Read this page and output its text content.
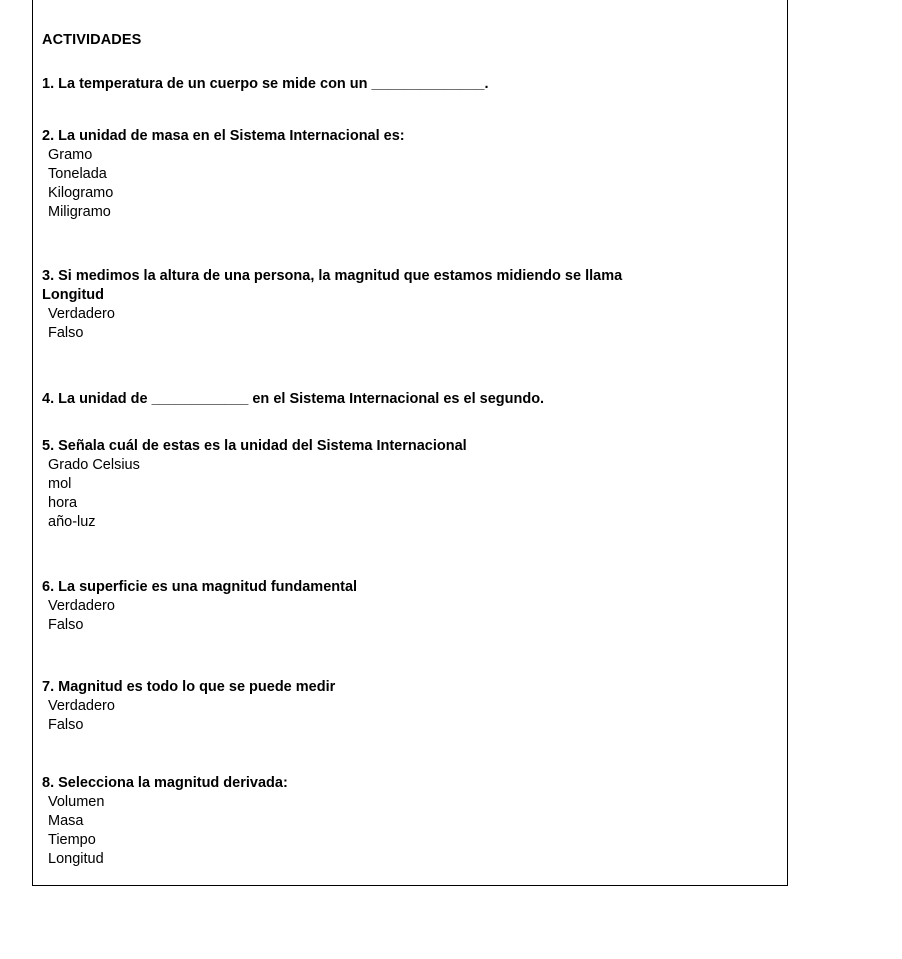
ACTIVIDADES
1. La temperatura de un cuerpo se mide con un ______________.
2. La unidad de masa en el Sistema Internacional es:
Gramo
Tonelada
Kilogramo
Miligramo
3. Si medimos la altura de una persona, la magnitud que estamos midiendo se llama
Longitud
Verdadero
Falso
4. La unidad de ____________ en el Sistema Internacional es el segundo.
5. Señala cuál de estas es la unidad del Sistema Internacional
Grado Celsius
mol
hora
año-luz
6. La superficie es una magnitud fundamental
Verdadero
Falso
7. Magnitud es todo lo que se puede medir
Verdadero
Falso
8. Selecciona la magnitud derivada:
Volumen
Masa
Tiempo
Longitud
